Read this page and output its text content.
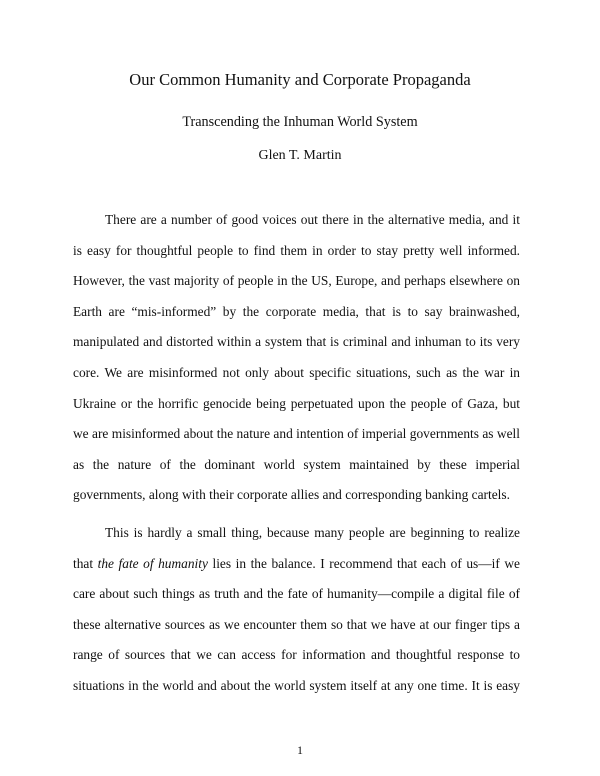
Our Common Humanity and Corporate Propaganda
Transcending the Inhuman World System
Glen T. Martin
There are a number of good voices out there in the alternative media, and it
is easy for thoughtful people to find them in order to stay pretty well informed.
However, the vast majority of people in the US, Europe, and perhaps elsewhere on
Earth are “mis-informed” by the corporate media, that is to say brainwashed,
manipulated and distorted within a system that is criminal and inhuman to its very
core. We are misinformed not only about specific situations, such as the war in
Ukraine or the horrific genocide being perpetuated upon the people of Gaza, but
we are misinformed about the nature and intention of imperial governments as well
as the nature of the dominant world system maintained by these imperial
governments, along with their corporate allies and corresponding banking cartels.
This is hardly a small thing, because many people are beginning to realize
that the fate of humanity lies in the balance. I recommend that each of us—if we
care about such things as truth and the fate of humanity—compile a digital file of
these alternative sources as we encounter them so that we have at our finger tips a
range of sources that we can access for information and thoughtful response to
situations in the world and about the world system itself at any one time. It is easy
1
